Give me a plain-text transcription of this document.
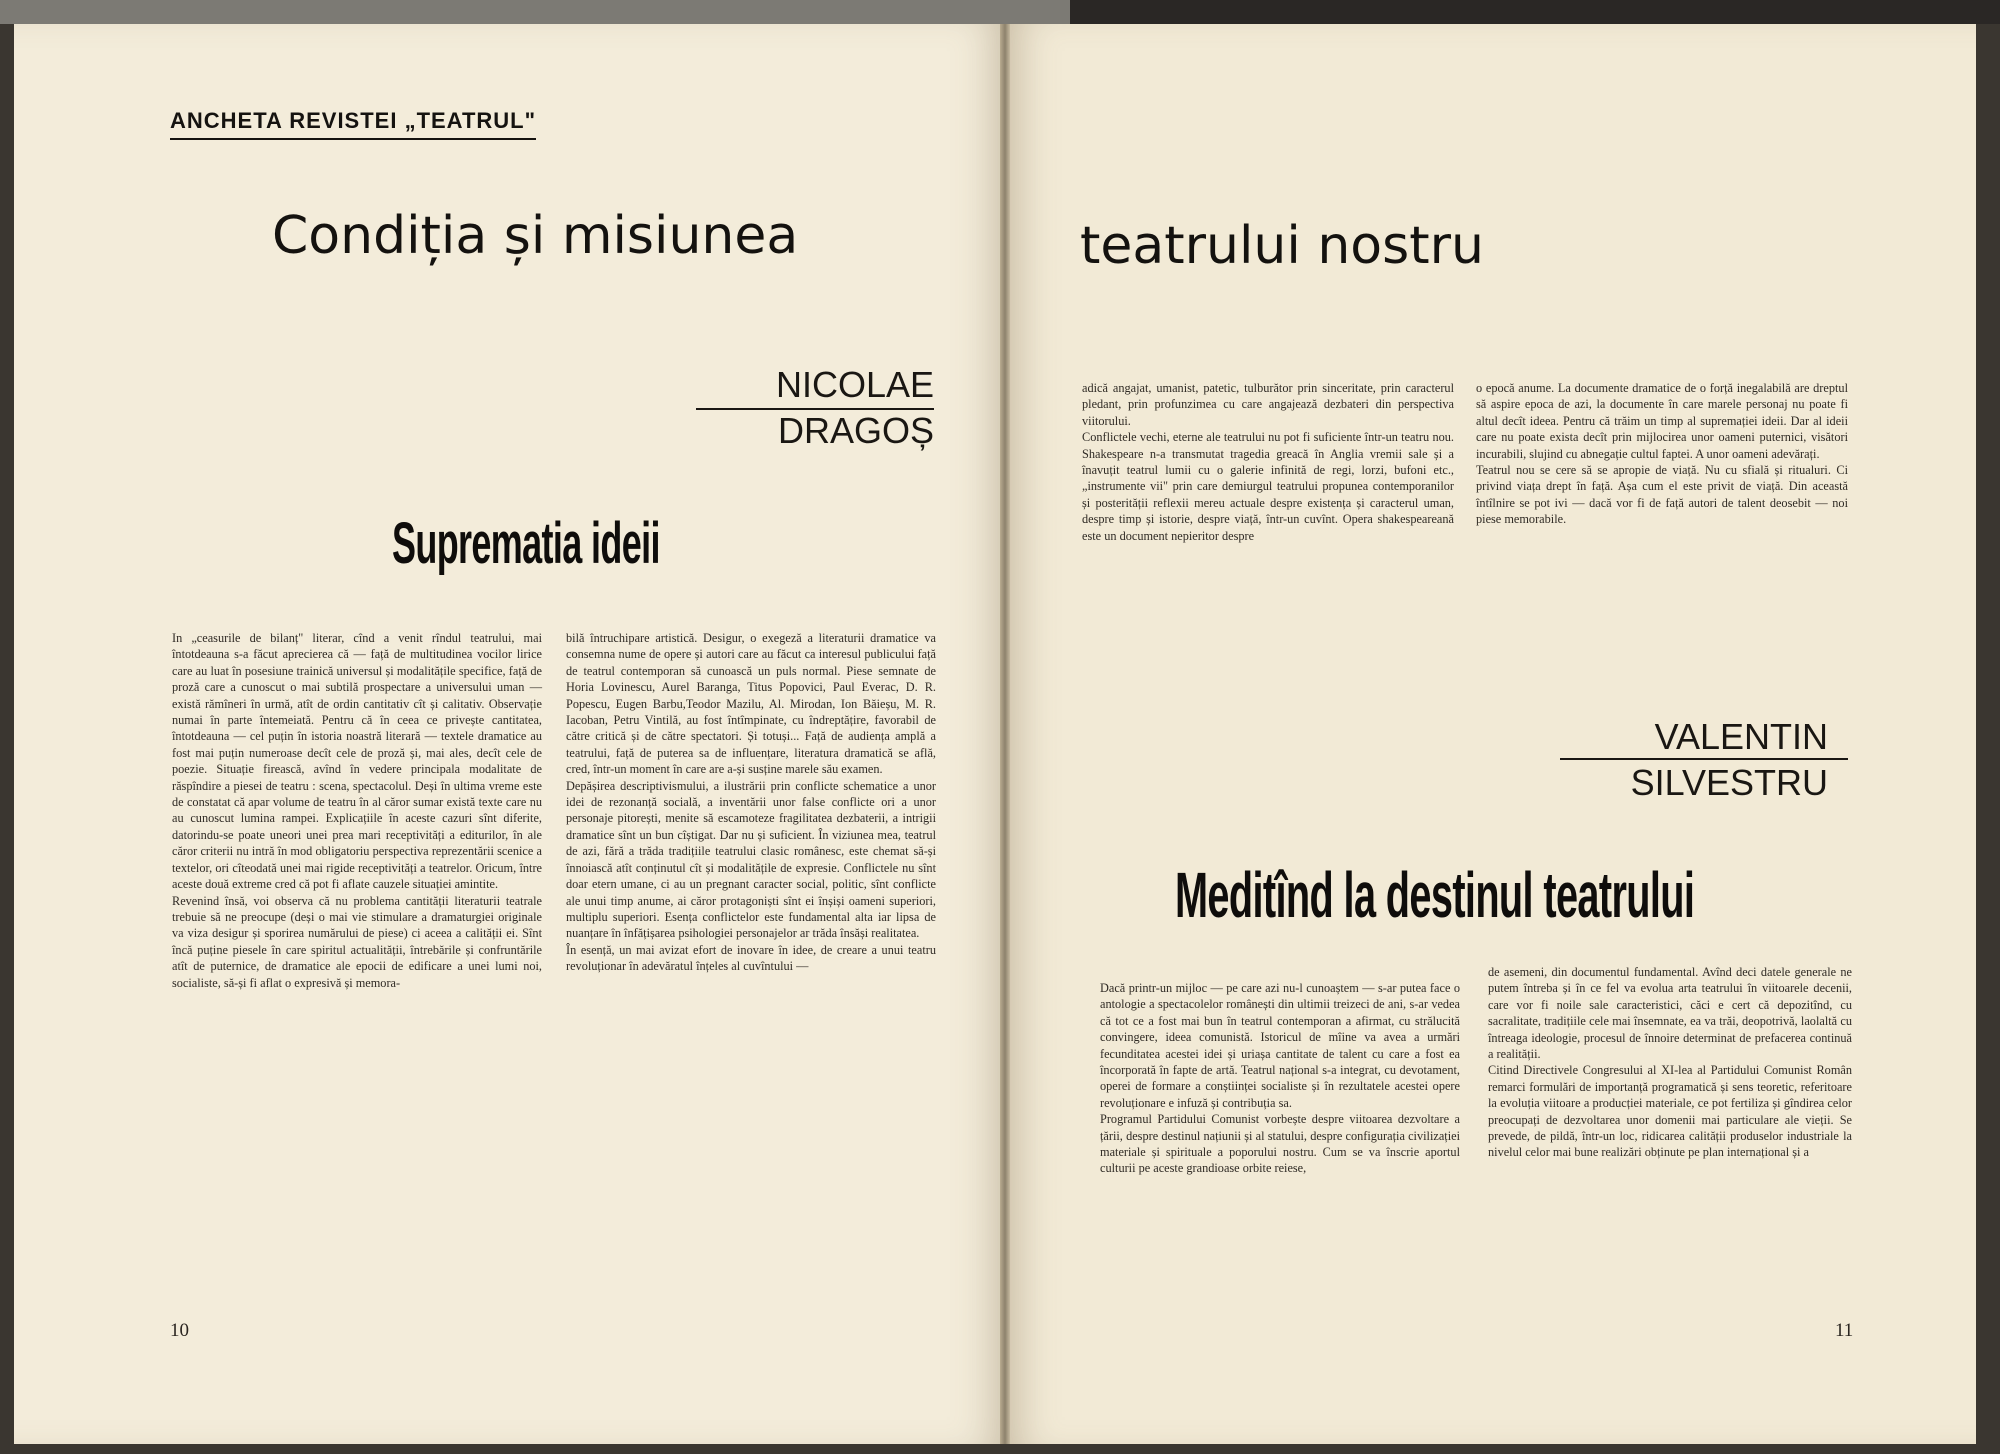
ANCHETA REVISTEI „TEATRUL"
Condiția și misiunea	teatrului nostru
NICOLAE
DRAGOȘ
Suprematia ideii
In „ceasurile de bilanț" literar, cînd a venit rîndul teatrului, mai întotdeauna s-a făcut aprecierea că — față de multitudinea vocilor lirice care au luat în posesiune trainică universul și modalitățile specifice, față de proză care a cunoscut o mai subtilă prospectare a universului uman — există rămîneri în urmă, atît de ordin cantitativ cît și calitativ. Observație numai în parte întemeiată. Pentru că în ceea ce privește cantitatea, întotdeauna — cel puțin în istoria noastră literară — textele dramatice au fost mai puțin numeroase decît cele de proză și, mai ales, decît cele de poezie. Situație firească, avînd în vedere principala modalitate de răspîndire a piesei de teatru : scena, spectacolul. Deși în ultima vreme este de constatat că apar volume de teatru în al căror sumar există texte care nu au cunoscut lumina rampei. Explicațiile în aceste cazuri sînt diferite, datorindu-se poate uneori unei prea mari receptivități a editurilor, în ale căror criterii nu intră în mod obligatoriu perspectiva reprezentării scenice a textelor, ori cîteodată unei mai rigide receptivități a teatrelor. Oricum, între aceste două extreme cred că pot fi aflate cauzele situației amintite.
Revenind însă, voi observa că nu problema cantității literaturii teatrale trebuie să ne preocupe (deși o mai vie stimulare a dramaturgiei originale va viza desigur și sporirea numărului de piese) ci aceea a calității ei. Sînt încă puține piesele în care spiritul actualității, întrebările și confruntările atît de puternice, de dramatice ale epocii de edificare a unei lumi noi, socialiste, să-și fi aflat o expresivă și memora-
bilă întruchipare artistică. Desigur, o exegeză a literaturii dramatice va consemna nume de opere și autori care au făcut ca interesul publicului față de teatrul contemporan să cunoască un puls normal. Piese semnate de Horia Lovinescu, Aurel Baranga, Titus Popovici, Paul Everac, D. R. Popescu, Eugen Barbu,Teodor Mazilu, Al. Mirodan, Ion Băieșu, M. R. Iacoban, Petru Vintilă, au fost întîmpinate, cu îndreptățire, favorabil de către critică și de către spectatori. Și totuși... Față de audiența amplă a teatrului, față de puterea sa de influențare, literatura dramatică se află, cred, într-un moment în care are a-și susține marele său examen.
Depășirea descriptivismului, a ilustrării prin conflicte schematice a unor idei de rezonanță socială, a inventării unor false conflicte ori a unor personaje pitorești, menite să escamoteze fragilitatea dezbaterii, a intrigii dramatice sînt un bun cîștigat. Dar nu și suficient. În viziunea mea, teatrul de azi, fără a trăda tradițiile teatrului clasic românesc, este chemat să-și înnoiască atît conținutul cît și modalitățile de expresie. Conflictele nu sînt doar etern umane, ci au un pregnant caracter social, politic, sînt conflicte ale unui timp anume, ai căror protagoniști sînt ei înșiși oameni superiori, multiplu superiori. Esența conflictelor este fundamental alta iar lipsa de nuanțare în înfățișarea psihologiei personajelor ar trăda însăși realitatea.
În esență, un mai avizat efort de inovare în idee, de creare a unui teatru revoluționar în adevăratul înțeles al cuvîntului —
adică angajat, umanist, patetic, tulburător prin sinceritate, prin caracterul pledant, prin profunzimea cu care angajează dezbateri din perspectiva viitorului.
Conflictele vechi, eterne ale teatrului nu pot fi suficiente într-un teatru nou. Shakespeare n-a transmutat tragedia greacă în Anglia vremii sale și a înavuțit teatrul lumii cu o galerie infinită de regi, lorzi, bufoni etc., „instrumente vii" prin care demiurgul teatrului propunea contemporanilor și posterității reflexii mereu actuale despre existența și caracterul uman, despre timp și istorie, despre viață, într-un cuvînt. Opera shakespeareană este un document nepieritor despre
o epocă anume. La documente dramatice de o forță inegalabilă are dreptul să aspire epoca de azi, la documente în care marele personaj nu poate fi altul decît ideea. Pentru că trăim un timp al supremației ideii. Dar al ideii care nu poate exista decît prin mijlocirea unor oameni puternici, visători incurabili, slujind cu abnegație cultul faptei. A unor oameni adevărați.
Teatrul nou se cere să se apropie de viață. Nu cu sfială și ritualuri. Ci privind viața drept în față. Așa cum el este privit de viață. Din această întîlnire se pot ivi — dacă vor fi de față autori de talent deosebit — noi piese memorabile.
VALENTIN
SILVESTRU
Meditînd la destinul teatrului
Dacă printr-un mijloc — pe care azi nu-l cunoaștem — s-ar putea face o antologie a spectacolelor românești din ultimii treizeci de ani, s-ar vedea că tot ce a fost mai bun în teatrul contemporan a afirmat, cu strălucită convingere, ideea comunistă. Istoricul de mîine va avea a urmări fecunditatea acestei idei și uriașa cantitate de talent cu care a fost ea încorporată în fapte de artă. Teatrul național s-a integrat, cu devotament, operei de formare a conștiinței socialiste și în rezultatele acestei opere revoluționare e infuză și contribuția sa.
Programul Partidului Comunist vorbește despre viitoarea dezvoltare a țării, despre destinul națiunii și al statului, despre configurația civilizației materiale și spirituale a poporului nostru. Cum se va înscrie aportul culturii pe aceste grandioase orbite reiese,
de asemeni, din documentul fundamental. Avînd deci datele generale ne putem întreba și în ce fel va evolua arta teatrului în viitoarele decenii, care vor fi noile sale caracteristici, căci e cert că depozitînd, cu sacralitate, tradițiile cele mai însemnate, ea va trăi, deopotrivă, laolaltă cu întreaga ideologie, procesul de înnoire determinat de prefacerea continuă a realității.
Citind Directivele Congresului al XI-lea al Partidului Comunist Român remarci formulări de importanță programatică și sens teoretic, referitoare la evoluția viitoare a producției materiale, ce pot fertiliza și gîndirea celor preocupați de dezvoltarea unor domenii mai particulare ale vieții. Se prevede, de pildă, într-un loc, ridicarea calității produselor industriale la nivelul celor mai bune realizări obținute pe plan internațional și a
10	11
